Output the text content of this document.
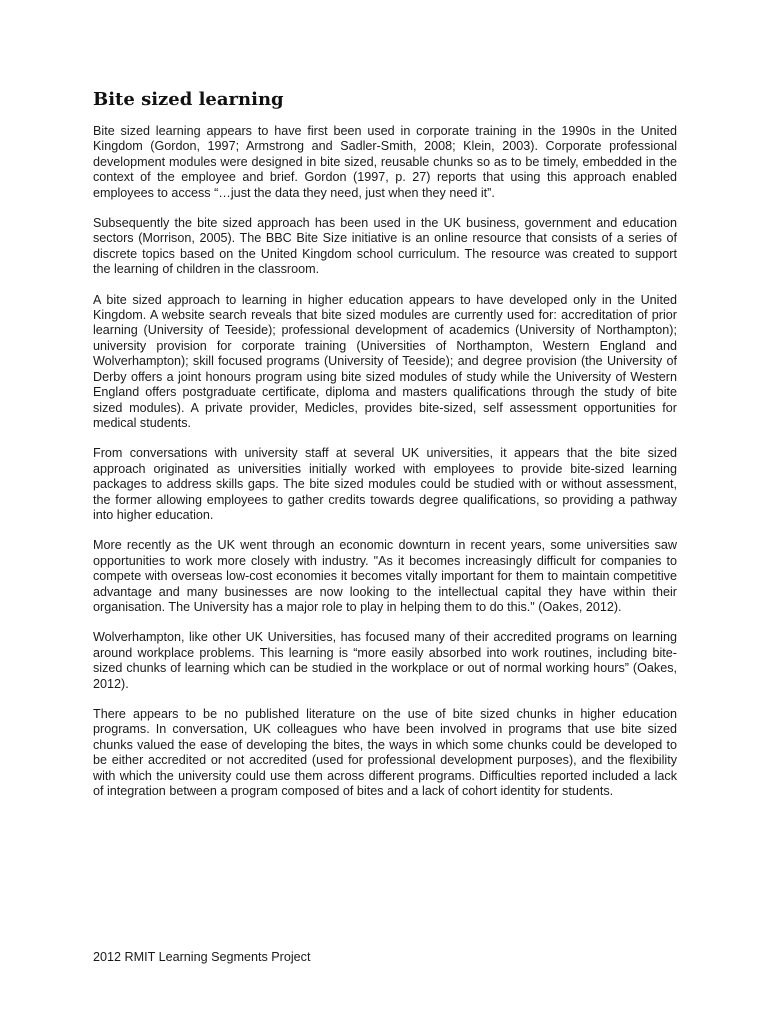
Bite sized learning

Bite sized learning appears to have first been used in corporate training in the 1990s in the United Kingdom (Gordon, 1997; Armstrong and Sadler-Smith, 2008; Klein, 2003). Corporate professional development modules were designed in bite sized, reusable chunks so as to be timely, embedded in the context of the employee and brief. Gordon (1997, p. 27) reports that using this approach enabled employees to access “…just the data they need, just when they need it”.

Subsequently the bite sized approach has been used in the UK business, government and education sectors (Morrison, 2005). The BBC Bite Size initiative is an online resource that consists of a series of discrete topics based on the United Kingdom school curriculum. The resource was created to support the learning of children in the classroom.

A bite sized approach to learning in higher education appears to have developed only in the United Kingdom. A website search reveals that bite sized modules are currently used for: accreditation of prior learning (University of Teeside); professional development of academics (University of Northampton); university provision for corporate training (Universities of Northampton, Western England and Wolverhampton); skill focused programs (University of Teeside); and degree provision (the University of Derby offers a joint honours program using bite sized modules of study while the University of Western England offers postgraduate certificate, diploma and masters qualifications through the study of bite sized modules). A private provider, Medicles, provides bite-sized, self assessment opportunities for medical students.

From conversations with university staff at several UK universities, it appears that the bite sized approach originated as universities initially worked with employees to provide bite-sized learning packages to address skills gaps. The bite sized modules could be studied with or without assessment, the former allowing employees to gather credits towards degree qualifications, so providing a pathway into higher education.

More recently as the UK went through an economic downturn in recent years, some universities saw opportunities to work more closely with industry. "As it becomes increasingly difficult for companies to compete with overseas low-cost economies it becomes vitally important for them to maintain competitive advantage and many businesses are now looking to the intellectual capital they have within their organisation. The University has a major role to play in helping them to do this." (Oakes, 2012).

Wolverhampton, like other UK Universities, has focused many of their accredited programs on learning around workplace problems. This learning is “more easily absorbed into work routines, including bite-sized chunks of learning which can be studied in the workplace or out of normal working hours” (Oakes, 2012).

There appears to be no published literature on the use of bite sized chunks in higher education programs. In conversation, UK colleagues who have been involved in programs that use bite sized chunks valued the ease of developing the bites, the ways in which some chunks could be developed to be either accredited or not accredited (used for professional development purposes), and the flexibility with which the university could use them across different programs. Difficulties reported included a lack of integration between a program composed of bites and a lack of cohort identity for students.

2012 RMIT Learning Segments Project
